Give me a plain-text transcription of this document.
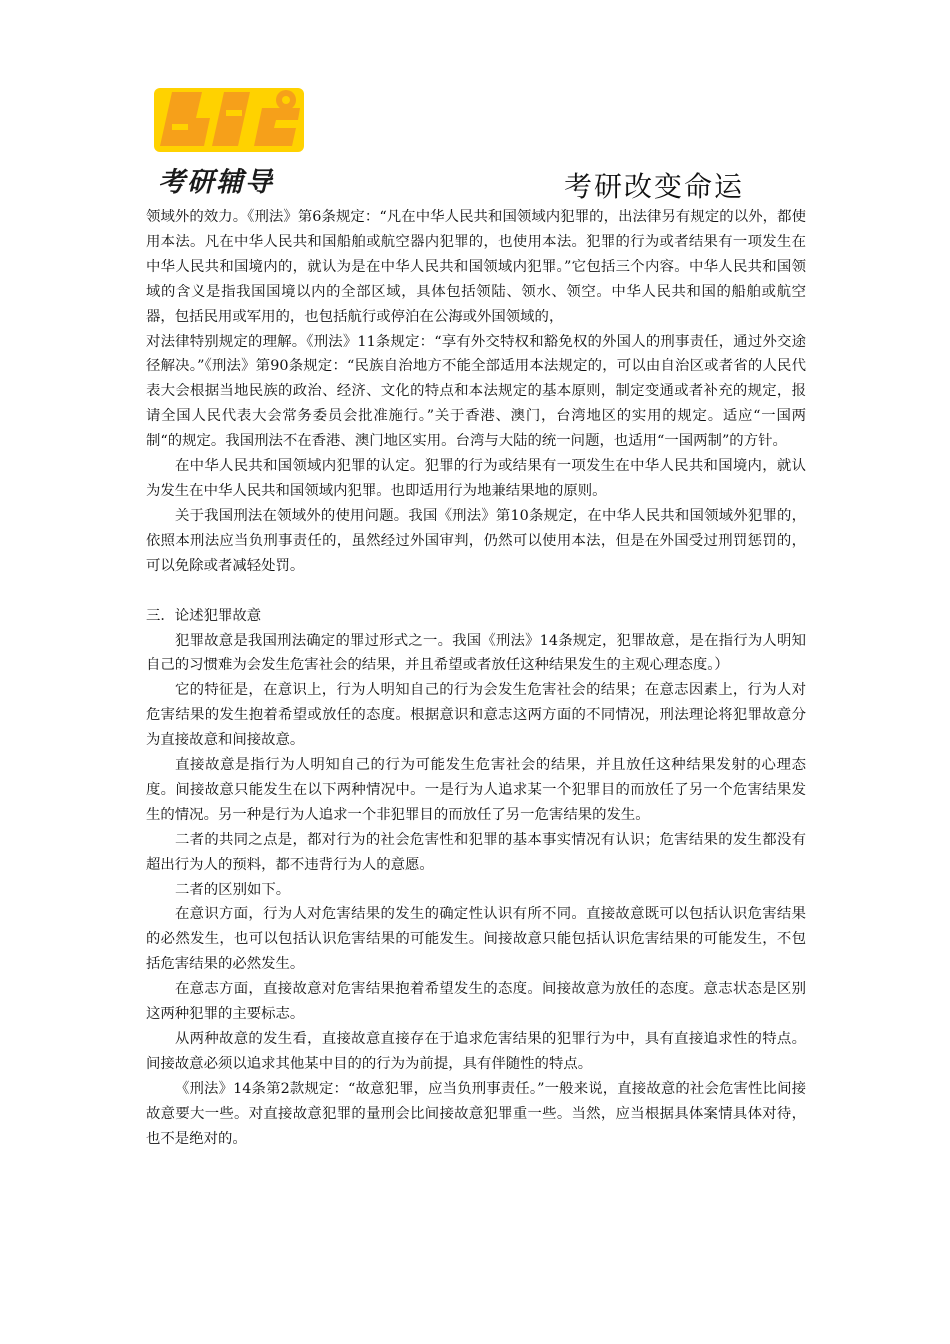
考研辅导	考研改变命运

领域外的效力。《刑法》第6条规定：“凡在中华人民共和国领域内犯罪的，出法律另有规定的以外，都使用本法。凡在中华人民共和国船舶或航空器内犯罪的，也使用本法。犯罪的行为或者结果有一项发生在中华人民共和国境内的，就认为是在中华人民共和国领域内犯罪。”它包括三个内容。中华人民共和国领域的含义是指我国国境以内的全部区域，具体包括领陆、领水、领空。中华人民共和国的船舶或航空器，包括民用或军用的，也包括航行或停泊在公海或外国领域的，

对法律特别规定的理解。《刑法》11条规定：“享有外交特权和豁免权的外国人的刑事责任，通过外交途径解决。”《刑法》第90条规定：“民族自治地方不能全部适用本法规定的，可以由自治区或者省的人民代表大会根据当地民族的政治、经济、文化的特点和本法规定的基本原则，制定变通或者补充的规定，报请全国人民代表大会常务委员会批准施行。”关于香港、澳门，台湾地区的实用的规定。适应“一国两制“的规定。我国刑法不在香港、澳门地区实用。台湾与大陆的统一问题，也适用“一国两制”的方针。

在中华人民共和国领域内犯罪的认定。犯罪的行为或结果有一项发生在中华人民共和国境内，就认为发生在中华人民共和国领域内犯罪。也即适用行为地兼结果地的原则。

关于我国刑法在领域外的使用问题。我国《刑法》第10条规定，在中华人民共和国领域外犯罪的，依照本刑法应当负刑事责任的，虽然经过外国审判，仍然可以使用本法，但是在外国受过刑罚惩罚的，可以免除或者减轻处罚。

三．论述犯罪故意

犯罪故意是我国刑法确定的罪过形式之一。我国《刑法》14条规定，犯罪故意，是在指行为人明知自己的习惯难为会发生危害社会的结果，并且希望或者放任这种结果发生的主观心理态度。）

它的特征是，在意识上，行为人明知自己的行为会发生危害社会的结果；在意志因素上，行为人对危害结果的发生抱着希望或放任的态度。根据意识和意志这两方面的不同情况，刑法理论将犯罪故意分为直接故意和间接故意。

直接故意是指行为人明知自己的行为可能发生危害社会的结果，并且放任这种结果发射的心理态度。间接故意只能发生在以下两种情况中。一是行为人追求某一个犯罪目的而放任了另一个危害结果发生的情况。另一种是行为人追求一个非犯罪目的而放任了另一危害结果的发生。

二者的共同之点是，都对行为的社会危害性和犯罪的基本事实情况有认识；危害结果的发生都没有超出行为人的预料，都不违背行为人的意愿。

二者的区别如下。

在意识方面，行为人对危害结果的发生的确定性认识有所不同。直接故意既可以包括认识危害结果的必然发生，也可以包括认识危害结果的可能发生。间接故意只能包括认识危害结果的可能发生，不包括危害结果的必然发生。

在意志方面，直接故意对危害结果抱着希望发生的态度。间接故意为放任的态度。意志状态是区别这两种犯罪的主要标志。

从两种故意的发生看，直接故意直接存在于追求危害结果的犯罪行为中，具有直接追求性的特点。间接故意必须以追求其他某中目的的行为为前提，具有伴随性的特点。

《刑法》14条第2款规定：“故意犯罪，应当负刑事责任。”一般来说，直接故意的社会危害性比间接故意要大一些。对直接故意犯罪的量刑会比间接故意犯罪重一些。当然，应当根据具体案情具体对待，也不是绝对的。
